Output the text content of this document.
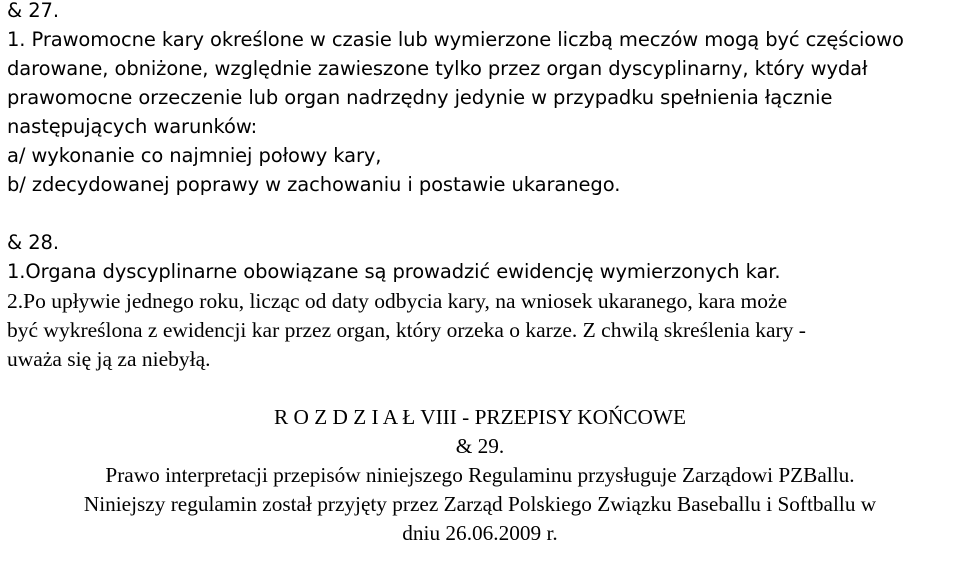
& 27.
1. Prawomocne kary określone w czasie lub wymierzone liczbą meczów mogą być częściowo
darowane, obniżone, względnie zawieszone tylko przez organ dyscyplinarny, który wydał
prawomocne orzeczenie lub organ nadrzędny jedynie w przypadku spełnienia łącznie
następujących warunków:
a/ wykonanie co najmniej połowy kary,
b/ zdecydowanej poprawy w zachowaniu i postawie ukaranego.
& 28.
1.Organa dyscyplinarne obowiązane są prowadzić ewidencję wymierzonych kar.
2.Po upływie jednego roku, licząc od daty odbycia kary, na wniosek ukaranego, kara może
być wykreślona z ewidencji kar przez organ, który orzeka o karze. Z chwilą skreślenia kary -
uważa się ją za niebyłą.
R O Z D Z I A Ł VIII - PRZEPISY KOŃCOWE
& 29.
Prawo interpretacji przepisów niniejszego Regulaminu przysługuje Zarządowi PZBallu.
Niniejszy regulamin został przyjęty przez Zarząd Polskiego Związku Baseballu i Softballu w
dniu 26.06.2009 r.
